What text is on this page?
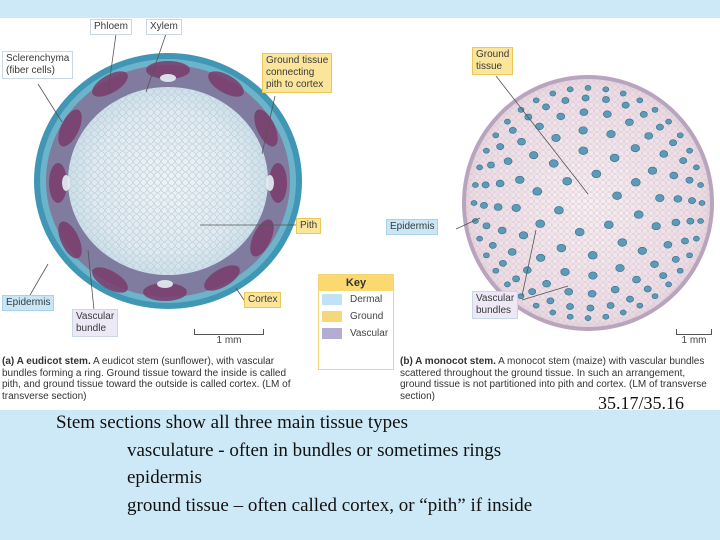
Phloem	Xylem
Sclerenchyma
(fiber cells)
Ground tissue
connecting
pith to cortex
Pith
Epidermis
Vascular
bundle
Cortex
Key
Dermal
Ground
Vascular
Ground
tissue
Epidermis
Vascular
bundles
1 mm	1 mm
(a) A eudicot stem. A eudicot stem (sunflower), with vascular bundles forming a ring. Ground tissue toward the inside is called pith, and ground tissue toward the outside is called cortex. (LM of transverse section)
(b) A monocot stem. A monocot stem (maize) with vascular bundles scattered throughout the ground tissue. In such an arrangement, ground tissue is not partitioned into pith and cortex. (LM of transverse section)	35.17/35.16
Stem sections show all three main tissue types
vasculature - often in bundles or sometimes rings
epidermis
ground tissue – often called cortex, or “pith” if inside
